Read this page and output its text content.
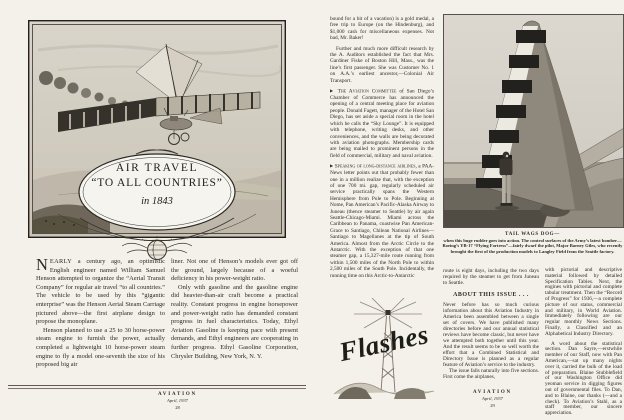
AIR TRAVEL
“TO ALL COUNTRIES”
in 1843

NEARLY a century ago, an optimistic English engineer named William Samuel Henson attempted to organize the “Aerial Transit Company” for regular air travel “to all countries.” The vehicle to be used by this “gigantic enterprise” was the Henson Aerial Steam Carriage pictured above—the first airplane design to propose the monoplane.

Henson planned to use a 25 to 30 horse-power steam engine to furnish the power, actually completed a lightweight 10 horse-power steam engine to fly a model one-seventh the size of his proposed big air

liner. Not one of Henson’s models ever got off the ground, largely because of a woeful deficiency in his power-weight ratio.

Only with gasoline and the gasoline engine did heavier-than-air craft become a practical reality. Constant progress in engine horsepower and power-weight ratio has demanded constant progress in fuel characteristics. Today, Ethyl Aviation Gasoline is keeping pace with present demands, and Ethyl engineers are cooperating in further progress. Ethyl Gasoline Corporation, Chrysler Building, New York, N. Y.

AVIATION
April, 1937
28

bound for a bit of a vacation) is a gold medal, a free trip to Europe (on the Hindenburg), and $1,000 cash for miscellaneous expenses. Not bad, Mr. Baker!

Further and much more difficult research by the A. Auditors established the fact that Mrs. Gardiner Fiske of Boston Hill, Mass., was the line’s first passenger. She was Customer No. 1 on A.A.’s earliest ancestor,—Colonial Air Transport.

▶ The Aviation Committee of San Diego’s Chamber of Commerce has announced the opening of a central meeting place for aviation people. Donald Fagett, manager of the Hotel San Diego, has set aside a special room in the hotel which he calls the “Sky Lounge”. It is equipped with telephone, writing desks, and other conveniences, and the walls are being decorated with aviation photographs. Membership cards are being mailed to prominent persons in the field of commercial, military and naval aviation.

▶ Speaking of long-distance airlines, a PAA-News letter points out that probably fewer than one in a million realize that, with the exception of one 700 mi. gap, regularly scheduled air service practically spans the Western Hemisphere from Pole to Pole. Beginning at Nome, Pan American’s Pacific-Alaska Airway to Juneau (thence steamer to Seattle) by air again Seattle-Chicago-Miami. Miami across the Caribbean to Panama, coastwise Pan American-Grace to Santiago, Chilean National Airlines—Santiago to Magellanes at the tip of South America. Almost from the Arctic Circle to the Antarctic. With the exception of that one steamer gap, a 15,327-mile route running from within 1,500 miles of the North Pole to within 2,500 miles of the South Pole. Incidentally, the running time on this Arctic-to-Antarctic

TAIL WAGS DOG—
when this huge rudder goes into action. The control surfaces of the Army’s latest bomber—Boeing’s YB-17 “Flying Fortress”—fairly dwarf the pilot, Major Barney Giles, who recently brought the first of the production models to Langley Field from the Seattle factory.

route is eight days, including the two days required by the steamer to get from Juneau to Seattle.

ABOUT THIS ISSUE . . .

Never before has so much curious information about this Aviation Industry in America been assembled between a single set of covers. We have published many directories before and our annual statistical reviews have become classic, but never have we attempted both together until this year. And the result seems to be so well worth the effort that a Combined Statistical and Directory Issue is planned as a regular feature of Aviation’s service to the industry.

The issue falls naturally into five sections. First come the airplanes,

with pictorial and descriptive material followed by detailed Specification Tables. Next, the engines with pictorial and complete tabular treatment. Then the “Record of Progress” for 1936,—a complete picture of our status, commercial and military, in World Aviation. Immediately following are our regular monthly News Sections. Finally, a Classified and an Alphabetical Industry Directory.

A word about the statistical section. Dan Sayre,—erstwhile member of our Staff, now with Pan American,—sat up many nights over it, carried the bulk of the load of preparation. Blaine Stubblefield of our Washington Office did yeoman service in digging figures out of governmental files. To Dan, and to Blaine, our thanks (—and a check). To Aviation’s Stahl, as a staff member, our sincere appreciation.

Flashes
AVIATION
April, 1937
29
